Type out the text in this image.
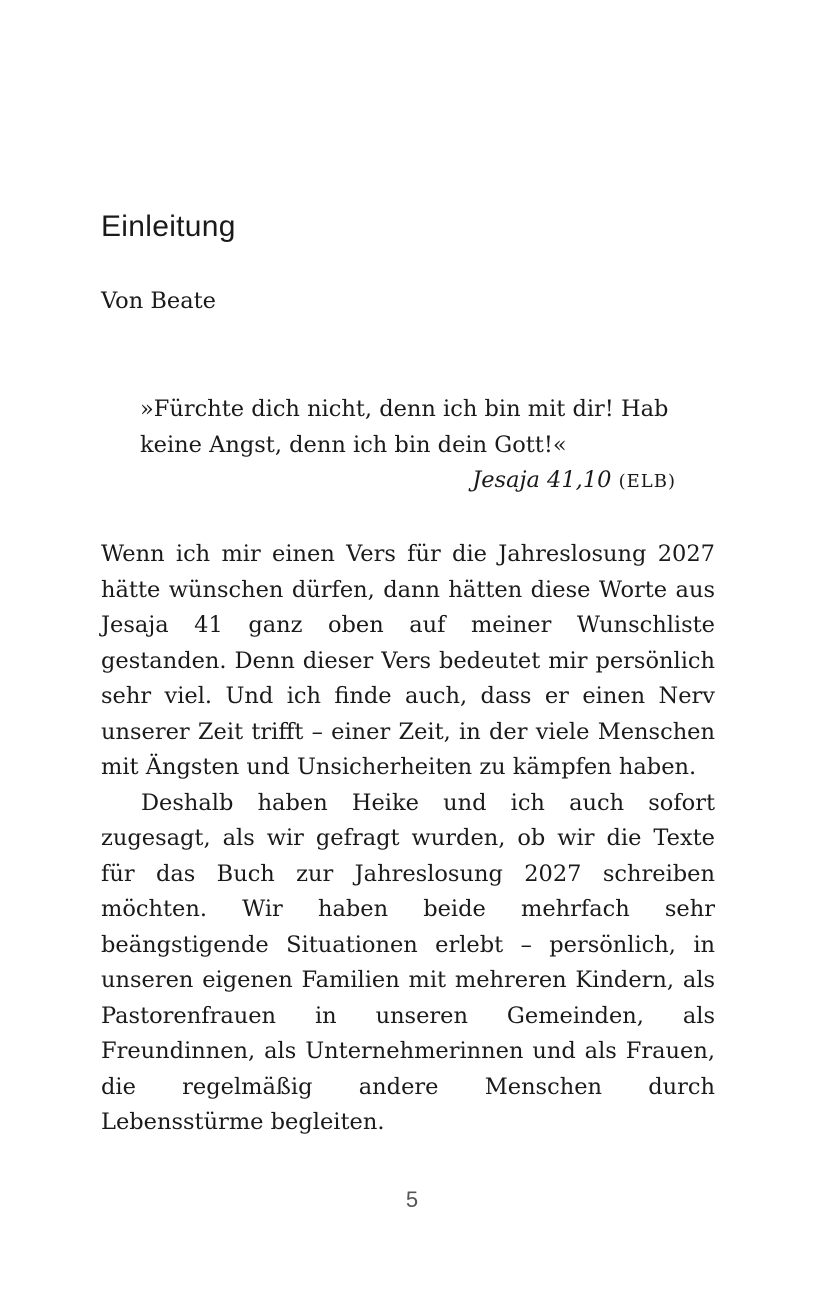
Einleitung

Von Beate

»Fürchte dich nicht, denn ich bin mit dir! Hab keine Angst, denn ich bin dein Gott!«

Jesaja 41,10 (ELB)

Wenn ich mir einen Vers für die Jahreslosung 2027 hätte wünschen dürfen, dann hätten diese Worte aus Jesaja 41 ganz oben auf meiner Wunschliste gestanden. Denn dieser Vers bedeutet mir persönlich sehr viel. Und ich finde auch, dass er einen Nerv unserer Zeit trifft – einer Zeit, in der viele Menschen mit Ängsten und Unsicherheiten zu kämpfen haben.

Deshalb haben Heike und ich auch sofort zugesagt, als wir gefragt wurden, ob wir die Texte für das Buch zur Jahreslosung 2027 schreiben möchten. Wir haben beide mehrfach sehr beängstigende Situationen erlebt – persönlich, in unseren eigenen Familien mit mehreren Kindern, als Pastorenfrauen in unseren Gemeinden, als Freundinnen, als Unternehmerinnen und als Frauen, die regelmäßig andere Menschen durch Lebensstürme begleiten.

5
